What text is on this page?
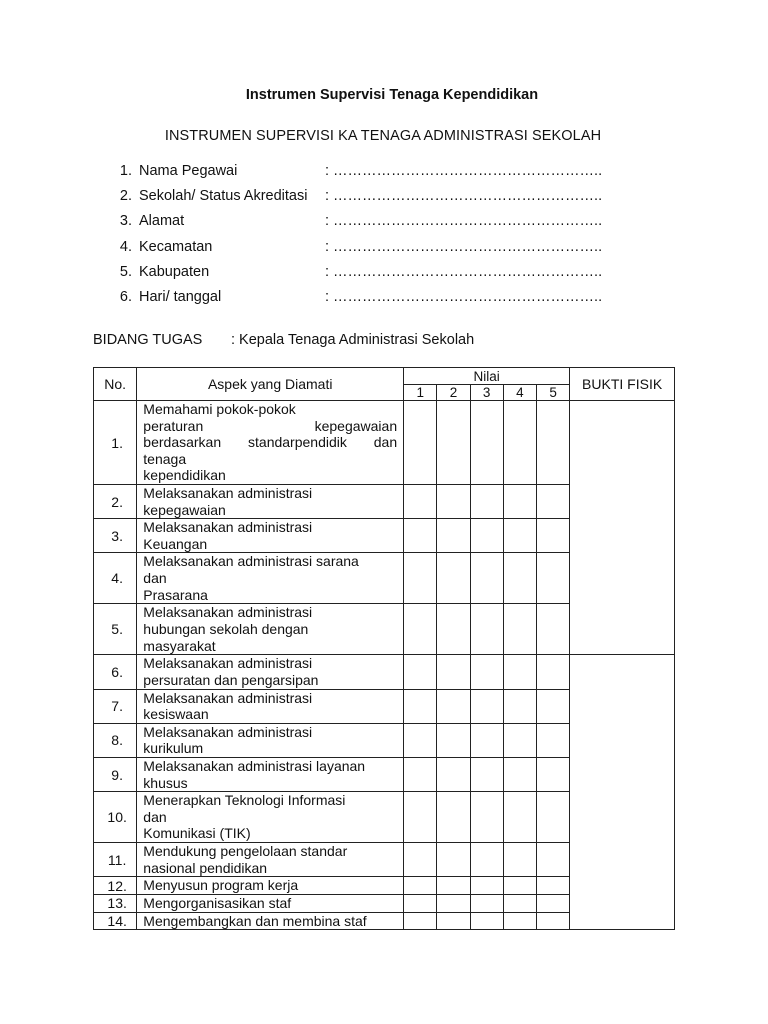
Instrumen Supervisi Tenaga Kependidikan
INSTRUMEN SUPERVISI KA TENAGA ADMINISTRASI SEKOLAH
1. Nama Pegawai	: ………………………………………………..
2. Sekolah/ Status Akreditasi : ………………………………………………..
3. Alamat	: ………………………………………………..
4. Kecamatan	: ………………………………………………..
5. Kabupaten	: ………………………………………………..
6. Hari/ tanggal	: ………………………………………………..
BIDANG TUGAS : Kepala Tenaga Administrasi Sekolah
No.	Aspek yang Diamati	Nilai					BUKTI FISIK
		1	2	3	4	5	
1.	Memahami pokok-pokok
peraturan kepegawaian
berdasarkan standarpendidik dan
tenaga
kependidikan						

2.	Melaksanakan administrasi
kepegawaian						

3.	Melaksanakan administrasi
Keuangan						

4.	Melaksanakan administrasi sarana
dan
Prasarana						

5.	Melaksanakan administrasi
hubungan sekolah dengan
masyarakat						

6.	Melaksanakan administrasi
persuratan dan pengarsipan						

7.	Melaksanakan administrasi
kesiswaan						

8.	Melaksanakan administrasi
kurikulum						

9.	Melaksanakan administrasi layanan
khusus						

10.	Menerapkan Teknologi Informasi
dan
Komunikasi (TIK)						

11.	Mendukung pengelolaan standar
nasional pendidikan						

12.	Menyusun program kerja						

13.	Mengorganisasikan staf						

14.	Mengembangkan dan membina staf						
